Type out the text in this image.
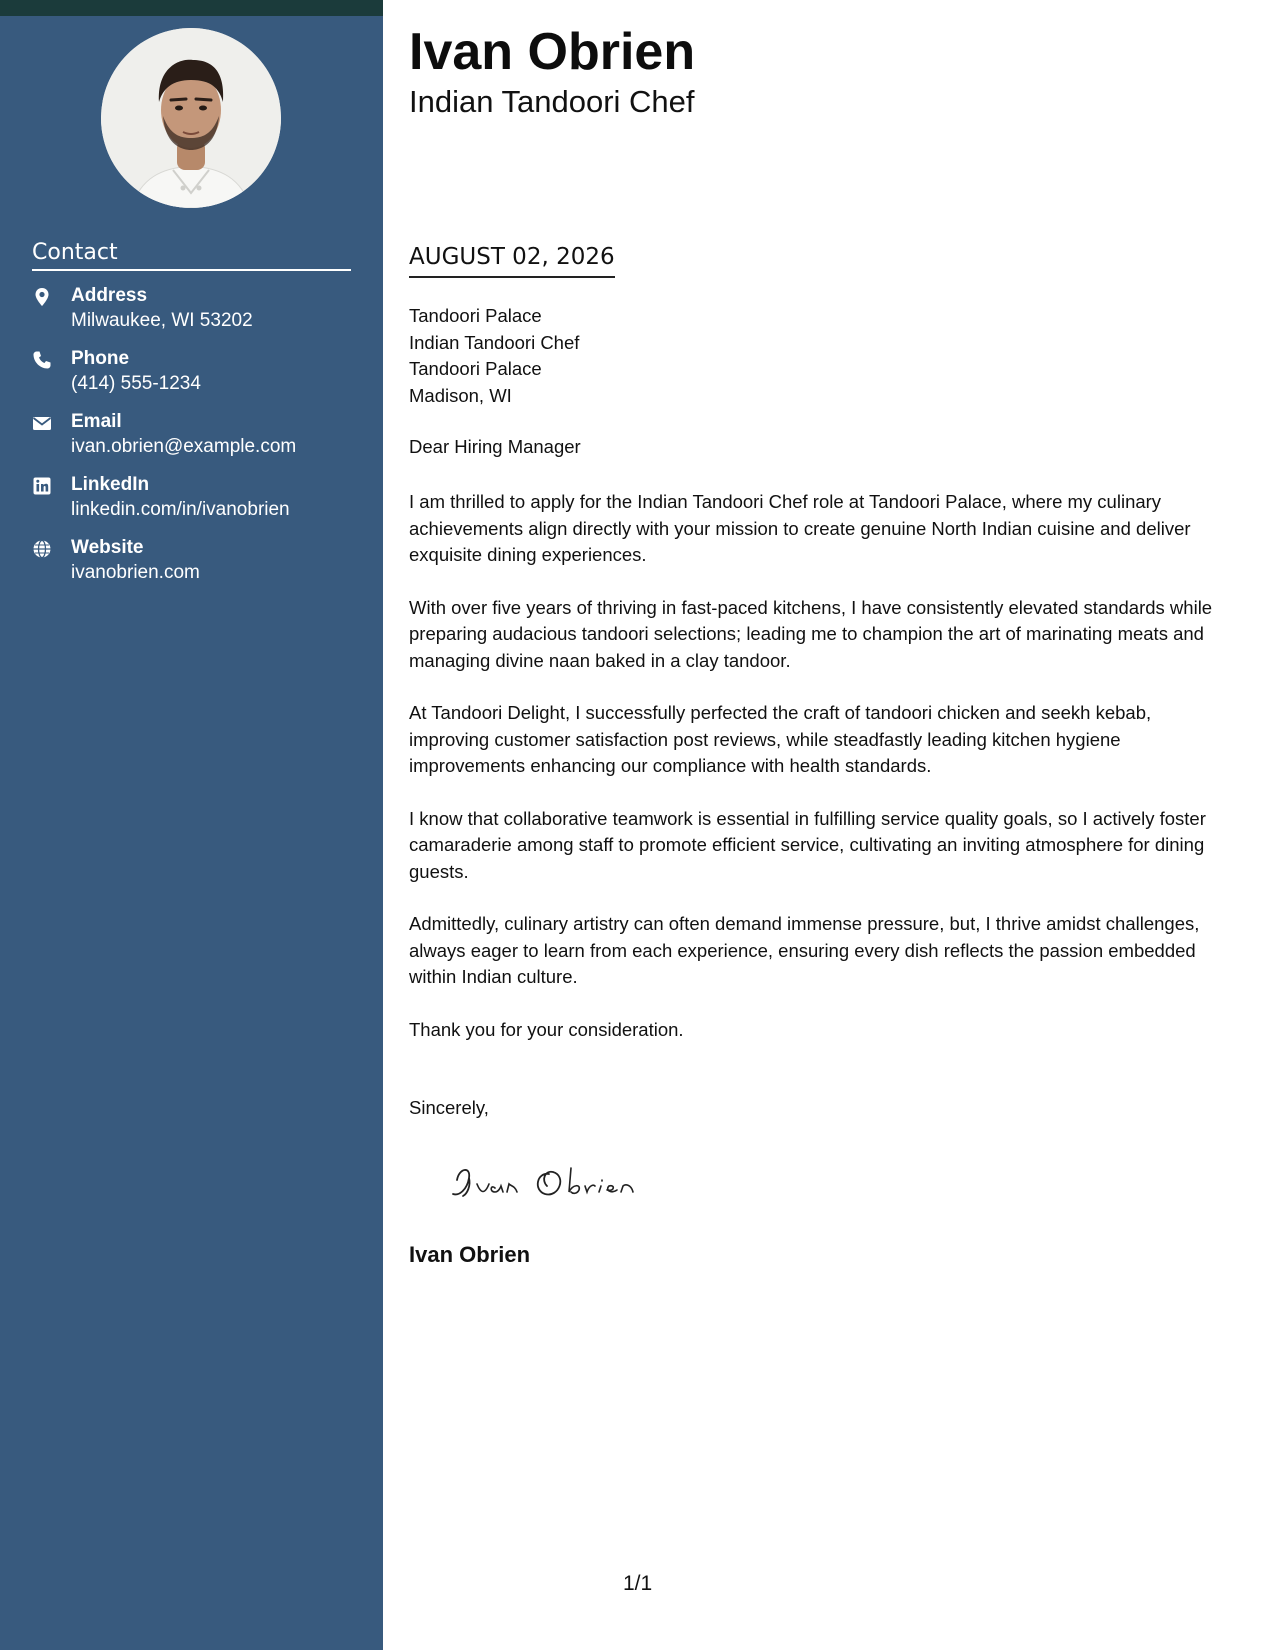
Contact
Address
Milwaukee, WI 53202
Phone
(414) 555-1234
Email
ivan.obrien@example.com
LinkedIn
linkedin.com/in/ivanobrien
Website
ivanobrien.com
Ivan Obrien
Indian Tandoori Chef
AUGUST 02, 2026
Tandoori Palace
Indian Tandoori Chef
Tandoori Palace
Madison, WI
Dear Hiring Manager

I am thrilled to apply for the Indian Tandoori Chef role at Tandoori Palace, where my culinary achievements align directly with your mission to create genuine North Indian cuisine and deliver exquisite dining experiences.

With over five years of thriving in fast-paced kitchens, I have consistently elevated standards while preparing audacious tandoori selections; leading me to champion the art of marinating meats and managing divine naan baked in a clay tandoor.

At Tandoori Delight, I successfully perfected the craft of tandoori chicken and seekh kebab, improving customer satisfaction post reviews, while steadfastly leading kitchen hygiene improvements enhancing our compliance with health standards.

I know that collaborative teamwork is essential in fulfilling service quality goals, so I actively foster camaraderie among staff to promote efficient service, cultivating an inviting atmosphere for dining guests.

Admittedly, culinary artistry can often demand immense pressure, but, I thrive amidst challenges, always eager to learn from each experience, ensuring every dish reflects the passion embedded within Indian culture.

Thank you for your consideration.

Sincerely,
Ivan Obrien
1/1
